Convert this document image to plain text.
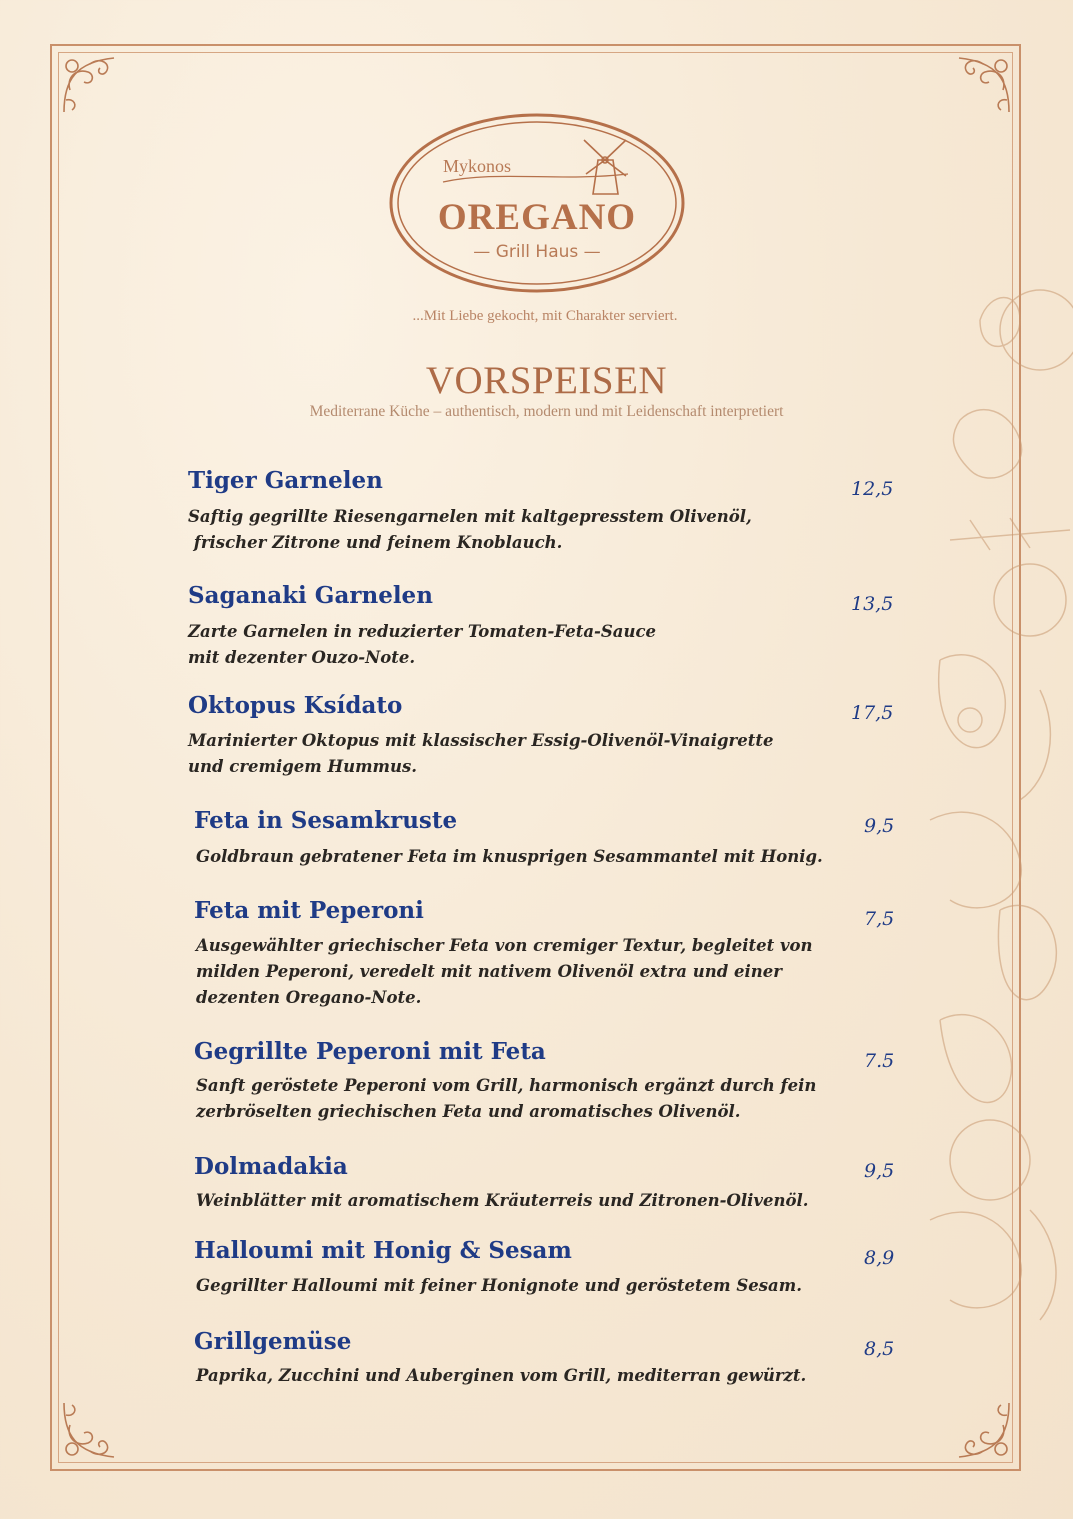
Mykonos
OREGANO
— Grill Haus —
...Mit Liebe gekocht, mit Charakter serviert.
VORSPEISEN
Mediterrane Küche – authentisch, modern und mit Leidenschaft interpretiert
Tiger Garnelen	12,5
Saftig gegrillte Riesengarnelen mit kaltgepresstem Olivenöl,
frischer Zitrone und feinem Knoblauch.
Saganaki Garnelen	13,5
Zarte Garnelen in reduzierter Tomaten-Feta-Sauce
mit dezenter Ouzo-Note.
Oktopus Ksídato	17,5
Marinierter Oktopus mit klassischer Essig-Olivenöl-Vinaigrette
und cremigem Hummus.
Feta in Sesamkruste	9,5
Goldbraun gebratener Feta im knusprigen Sesammantel mit Honig.
Feta mit Peperoni	7,5
Ausgewählter griechischer Feta von cremiger Textur, begleitet von
milden Peperoni, veredelt mit nativem Olivenöl extra und einer
dezenten Oregano-Note.
Gegrillte Peperoni mit Feta	7.5
Sanft geröstete Peperoni vom Grill, harmonisch ergänzt durch fein
zerbröselten griechischen Feta und aromatisches Olivenöl.
Dolmadakia	9,5
Weinblätter mit aromatischem Kräuterreis und Zitronen-Olivenöl.
Halloumi mit Honig & Sesam	8,9
Gegrillter Halloumi mit feiner Honignote und geröstetem Sesam.
Grillgemüse	8,5
Paprika, Zucchini und Auberginen vom Grill, mediterran gewürzt.
